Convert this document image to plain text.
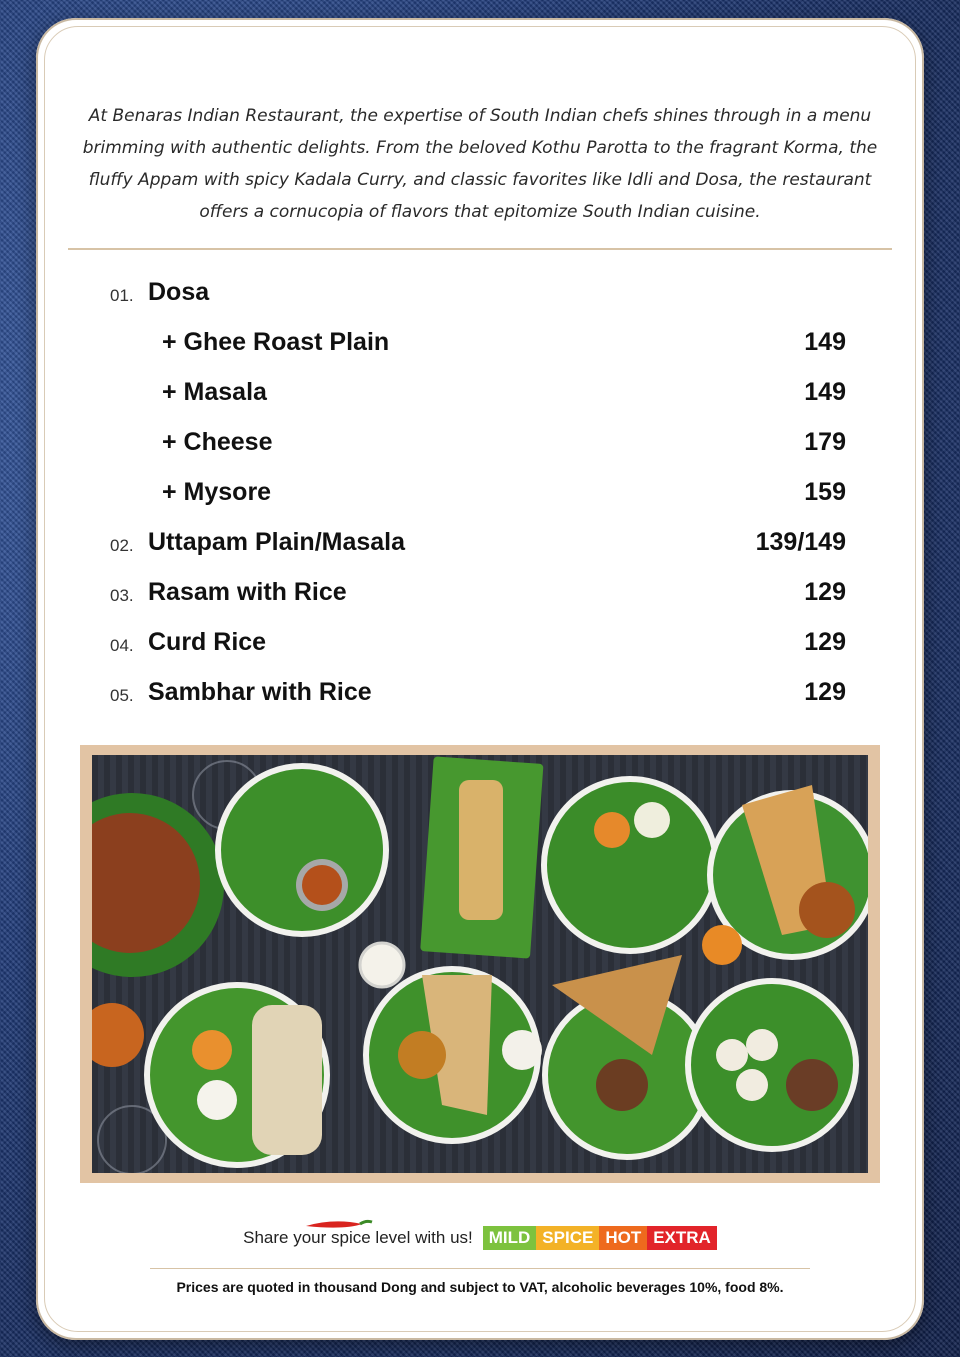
At Benaras Indian Restaurant, the expertise of South Indian chefs shines through in a menu brimming with authentic delights. From the beloved Kothu Parotta to the fragrant Korma, the fluffy Appam with spicy Kadala Curry, and classic favorites like Idli and Dosa, the restaurant offers a cornucopia of flavors that epitomize South Indian cuisine.
01. Dosa
+ Ghee Roast Plain	149
+ Masala	149
+ Cheese	179
+ Mysore	159
02. Uttapam Plain/Masala	139/149
03. Rasam with Rice	129
04. Curd Rice	129
05. Sambhar with Rice	129
Share your spice level with us! MILD SPICE HOT EXTRA
Prices are quoted in thousand Dong and subject to VAT, alcoholic beverages 10%, food 8%.
